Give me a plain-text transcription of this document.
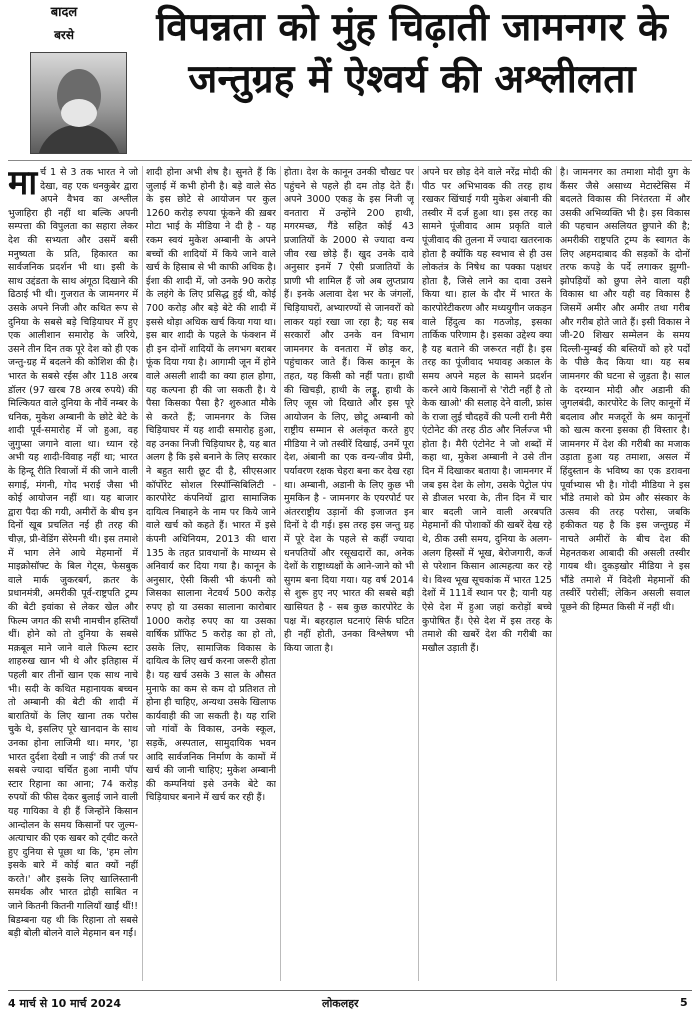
बादल
बरसे	विपन्नता को मुंह चिढ़ाती जामनगर के जन्तुग्रह में ऐश्वर्य की अश्लीलता

मार्च 1 से 3 तक भारत ने जो देखा, वह एक धनकुबेर द्वारा अपने वैभव का अश्लील भुजाहिरा ही नहीं था बल्कि अपनी सम्पत्ता की विपुलता का सहारा लेकर देश की सभ्यता और उसमें बसी मनुष्यता के प्रति, हिकारत का सार्वजनिक प्रदर्शन भी था। इसी के साथ उद्दंडता के साथ अंगूठा दिखाने की ढिठाई भी थी। गुजरात के जामनगर में उसके अपने निजी और कथित रूप से दुनिया के सबसे बड़े चिड़ियाघर में हुए एक आलीशान समारोह के जरिये, उसने तीन दिन तक पूरे देश को ही एक जन्तु-ग्रह में बदलने की कोशिश की है। भारत के सबसे रईस और 118 अरब डॉलर (97 खरब 78 अरब रुपये) की मिल्कियत वाले दुनिया के नौवें नम्बर के धनिक, मुकेश अम्बानी के छोटे बेटे के शादी पूर्व-समारोह में जो हुआ, वह जुगुप्सा जगाने वाला था। ध्यान रहे अभी यह शादी-विवाह नहीं था; भारत के हिन्दू रीति रिवाजों में की जाने वाली सगाई, मंगनी, गोद भराई जैसा भी कोई आयोजन नहीं था। यह बाजार द्वारा पैदा की गयी, अमीरों के बीच इन दिनों खूब प्रचलित नई ही तरह की चीज़, प्री-वेडिंग सेरेमनी थी। इस तमाशे में भाग लेने आये मेहमानों में माइक्रोसॉफ्ट के बिल गेट्स, फेसबुक वाले मार्क जुकरबर्ग, क़तर के प्रधानमंत्री, अमरीकी पूर्व-राष्ट्रपति ट्रम्प की बेटी इवांका से लेकर खेल और फिल्म जगत की सभी नामचीन हस्तियाँ थीं। होने को तो दुनिया के सबसे मक़बूल माने जाने वाले फिल्म स्टार शाहरुख खान भी थे और इतिहास में पहली बार तीनों खान एक साथ नाचे भी। सदी के कथित महानायक बच्चन तो अम्बानी की बेटी की शादी में बारातियों के लिए खाना तक परोस चुके थे, इसलिए पूरे खानदान के साथ उनका होना लाजिमी था। मगर, 'हा भारत दुर्दशा देखी न जाई' की तर्ज पर सबसे ज्यादा चर्चित हुआ नामी पॉप स्टार रिहाना का आना; 74 करोड़ रुपयों की फीस देकर बुलाई जाने वाली यह गायिका वे ही हैं जिन्होंने किसान आन्दोलन के समय किसानों पर जुल्म-अत्याचार की एक खबर को ट्वीट करते हुए दुनिया से पूछा था कि, 'हम लोग इसके बारे में कोई बात क्यों नहीं करते।' और इसके लिए खालिस्तानी समर्थक और भारत द्रोही साबित न जाने कितनी कितनी गालियाँ खाईं थीं!! बिडम्बना यह थी कि रिहाना तो सबसे बड़ी बोली बोलने वाले मेहमान बन गईं।

शादी होना अभी शेष है। सुनते हैं कि जुलाई में कभी होनी है। बड़े वाले सेठ के इस छोटे से आयोजन पर कुल 1260 करोड़ रुपया फूंकने की ख़बर मोटा भाई के मीडिया ने दी है - यह रकम स्वयं मुकेश अम्बानी के अपने बच्चों की शादियों में किये जाने वाले खर्च के हिसाब से भी काफी अधिक है। ईशा की शादी में, जो उनके 90 करोड़ के लहंगे के लिए प्रसिद्ध हुई थी, कोई 700 करोड़ और बड़े बेटे की शादी में इससे थोड़ा अधिक खर्च किया गया था। इस बार शादी के पहले के फंक्शन में ही इन दोनों शादियों के लगभग बराबर फूंक दिया गया है। आगामी जून में होने वाले असली शादी का क्या हाल होगा, यह कल्पना ही की जा सकती है। ये पैसा किसका पैसा है? शुरुआत मौके से करते हैं; जामनगर के जिस चिड़ियाघर में यह शादी समारोह हुआ, वह उनका निजी चिड़ियाघर है, यह बात अलग है कि इसे बनाने के लिए सरकार ने बहुत सारी छूट दी है, सीएसआर कॉर्पोरेट सोशल रिस्पॉन्सिबिलिटी - कारपोरेट कंपनियों द्वारा सामाजिक दायित्व निबाहने के नाम पर किये जाने वाले खर्च को कहते हैं। भारत में इसे कंपनी अधिनियम, 2013 की धारा 135 के तहत प्रावधानों के माध्यम से अनिवार्य कर दिया गया है। कानून के अनुसार, ऐसी किसी भी कंपनी को जिसका सालाना नेटवर्थ 500 करोड़ रुपए हो या उसका सालाना कारोबार 1000 करोड़ रुपए का या उसका वार्षिक प्रॉफिट 5 करोड़ का हो तो, उसके लिए, सामाजिक विकास के दायित्व के लिए खर्च करना जरूरी होता है। यह खर्च उसके 3 साल के औसत मुनाफे का कम से कम दो प्रतिशत तो होना ही चाहिए, अन्यथा उसके खिलाफ कार्यवाही की जा सकती है। यह राशि जो गांवों के विकास, उनके स्कूल, सड़कें, अस्पताल, सामुदायिक भवन आदि सार्वजनिक निर्माण के कामों में खर्च की जानी चाहिए; मुकेश अम्बानी की कम्पनियां इसे उनके बेटे का चिड़ियाघर बनाने में खर्च कर रही हैं।

होता। देश के कानून उनकी चौखट पर पहुंचने से पहले ही दम तोड़ देते हैं। अपने 3000 एकड़ के इस निजी जू वनतारा में उन्होंने 200 हाथी, मगरमच्छ, गैंडे सहित कोई 43 प्रजातियों के 2000 से ज्यादा वन्य जीव रख छोड़े हैं। खुद उनके दावे अनुसार इनमें 7 ऐसी प्रजातियों के प्राणी भी शामिल हैं जो अब लुप्तप्राय हैं। इनके अलावा देश भर के जंगलों, चिड़ियाघरों, अभ्यारण्यों से जानवरों को लाकर यहां रखा जा रहा है; यह सब सरकारों और उनके वन विभाग जामनगर के वनतारा में छोड़ कर, पहुंचाकर जाते हैं। किस कानून के तहत, यह किसी को नहीं पता। हाथी की खिचड़ी, हाथी के लड्डू, हाथी के लिए जूस जो दिखाते और इस पूरे आयोजन के लिए, छोटू अम्बानी को राष्ट्रीय सम्मान से अलंकृत करते हुए मीडिया ने जो तस्वीरें दिखाई, उनमें पूरा देश, अंबानी का एक वन्य-जीव प्रेमी, पर्यावरण रक्षक चेहरा बना कर देख रहा था। अम्बानी, अडानी के लिए कुछ भी मुमकिन है - जामनगर के एयरपोर्ट पर अंतरराष्ट्रीय उड़ानों की इजाजत इन दिनों दे दी गई। इस तरह इस जन्तु ग्रह में पूरे देश के पहले से कहीं ज्यादा धनपतियों और रसूखदारों का, अनेक देशों के राष्ट्राध्यक्षों के आने-जाने को भी सुगम बना दिया गया। यह वर्ष 2014 से शुरू हुए नए भारत की सबसे बड़ी खासियत है - सब कुछ कारपोरेट के पक्ष में। बहरहाल घटनाएं सिर्फ घटित ही नहीं होती, उनका विश्लेषण भी किया जाता है।

अपने घर छोड़ देने वाले नरेंद्र मोदी की पीठ पर अभिभावक की तरह हाथ रखकर खिंचाई गयी मुकेश अंबानी की तस्वीर में दर्ज हुआ था। इस तरह का सामने पूंजीवाद आम प्रकृति वाले पूंजीवाद की तुलना में ज्यादा खतरनाक होता है क्योंकि यह स्वभाव से ही उस लोकतंत्र के निषेध का पक्का पक्षधर होता है, जिसे लाने का दावा उसने किया था। हाल के दौर में भारत के कारपोरेटीकरण और मध्ययुगीन जकड़न वाले हिंदुत्व का गठजोड़, इसका तार्किक परिणाम है। इसका उद्देश्य क्या है यह बताने की जरूरत नहीं है। इस तरह का पूंजीवाद भयावह अकाल के समय अपने महल के सामने प्रदर्शन करने आये किसानों से 'रोटी नहीं है तो केक खाओ' की सलाह देने वाली, फ्रांस के राजा लुई चौदहवें की पत्नी रानी मैरी एंटोनेट की तरह ठीठ और निर्लज्ज भी होता है। मैरी एंटोनेट ने जो शब्दों में कहा था, मुकेश अम्बानी ने उसे तीन दिन में दिखाकर बताया है। जामनगर में जब इस देश के लोग, उसके पेट्रोल पंप से डीजल भरवा के, तीन दिन में चार बार बदली जाने वाली अरबपति मेहमानों की पोशाकों की खबरें देख रहे थे, ठीक उसी समय, दुनिया के अलग-अलग हिस्सों में भूख, बेरोजगारी, कर्ज से परेशान किसान आत्महत्या कर रहे थे। विश्व भूख सूचकांक में भारत 125 देशों में 111वें स्थान पर है; यानी यह ऐसे देश में हुआ जहां करोड़ों बच्चे कुपोषित हैं। ऐसे देश में इस तरह के तमाशे की खबरें देश की गरीबी का मखौल उड़ाती हैं।

है। जामनगर का तमाशा मोदी युग के कैंसर जैसे असाध्य मेटास्टेसिस में बदलते विकास की निरंतरता में और उसकी अभिव्यक्ति भी है। इस विकास की पहचान असलियत छुपाने की है; अमरीकी राष्ट्रपति ट्रम्प के स्वागत के लिए अहमदाबाद की सड़कों के दोनों तरफ कपड़े के पर्दे लगाकर झुग्गी-झोपड़ियों को छुपा लेने वाला यही विकास था और यही वह विकास है जिसमें अमीर और अमीर तथा गरीब और गरीब होते जाते हैं। इसी विकास ने जी-20 शिखर सम्मेलन के समय दिल्ली-मुम्बई की बस्तियों को हरे पर्दों के पीछे कैद किया था। यह सब जामनगर की घटना से जुड़ता है। साल के दरम्यान मोदी और अडानी की जुगलबंदी, कारपोरेट के लिए कानूनों में बदलाव और मजदूरों के श्रम कानूनों को खत्म करना इसका ही विस्तार है। जामनगर में देश की गरीबी का मजाक उड़ाता हुआ यह तमाशा, असल में हिंदुस्तान के भविष्य का एक डरावना पूर्वाभ्यास भी है। गोदी मीडिया ने इस भौंडे तमाशे को प्रेम और संस्कार के उत्सव की तरह परोसा, जबकि हकीकत यह है कि इस जन्तुग्रह में नाचते अमीरों के बीच देश की मेहनतकश आबादी की असली तस्वीर गायब थी। दुकड़खोर मीडिया ने इस भौंडे तमाशे में विदेशी मेहमानों की तस्वीरें परोसीं; लेकिन असली सवाल पूछने की हिम्मत किसी में नहीं थी।

4 मार्च से 10 मार्च 2024	लोकलहर	5
